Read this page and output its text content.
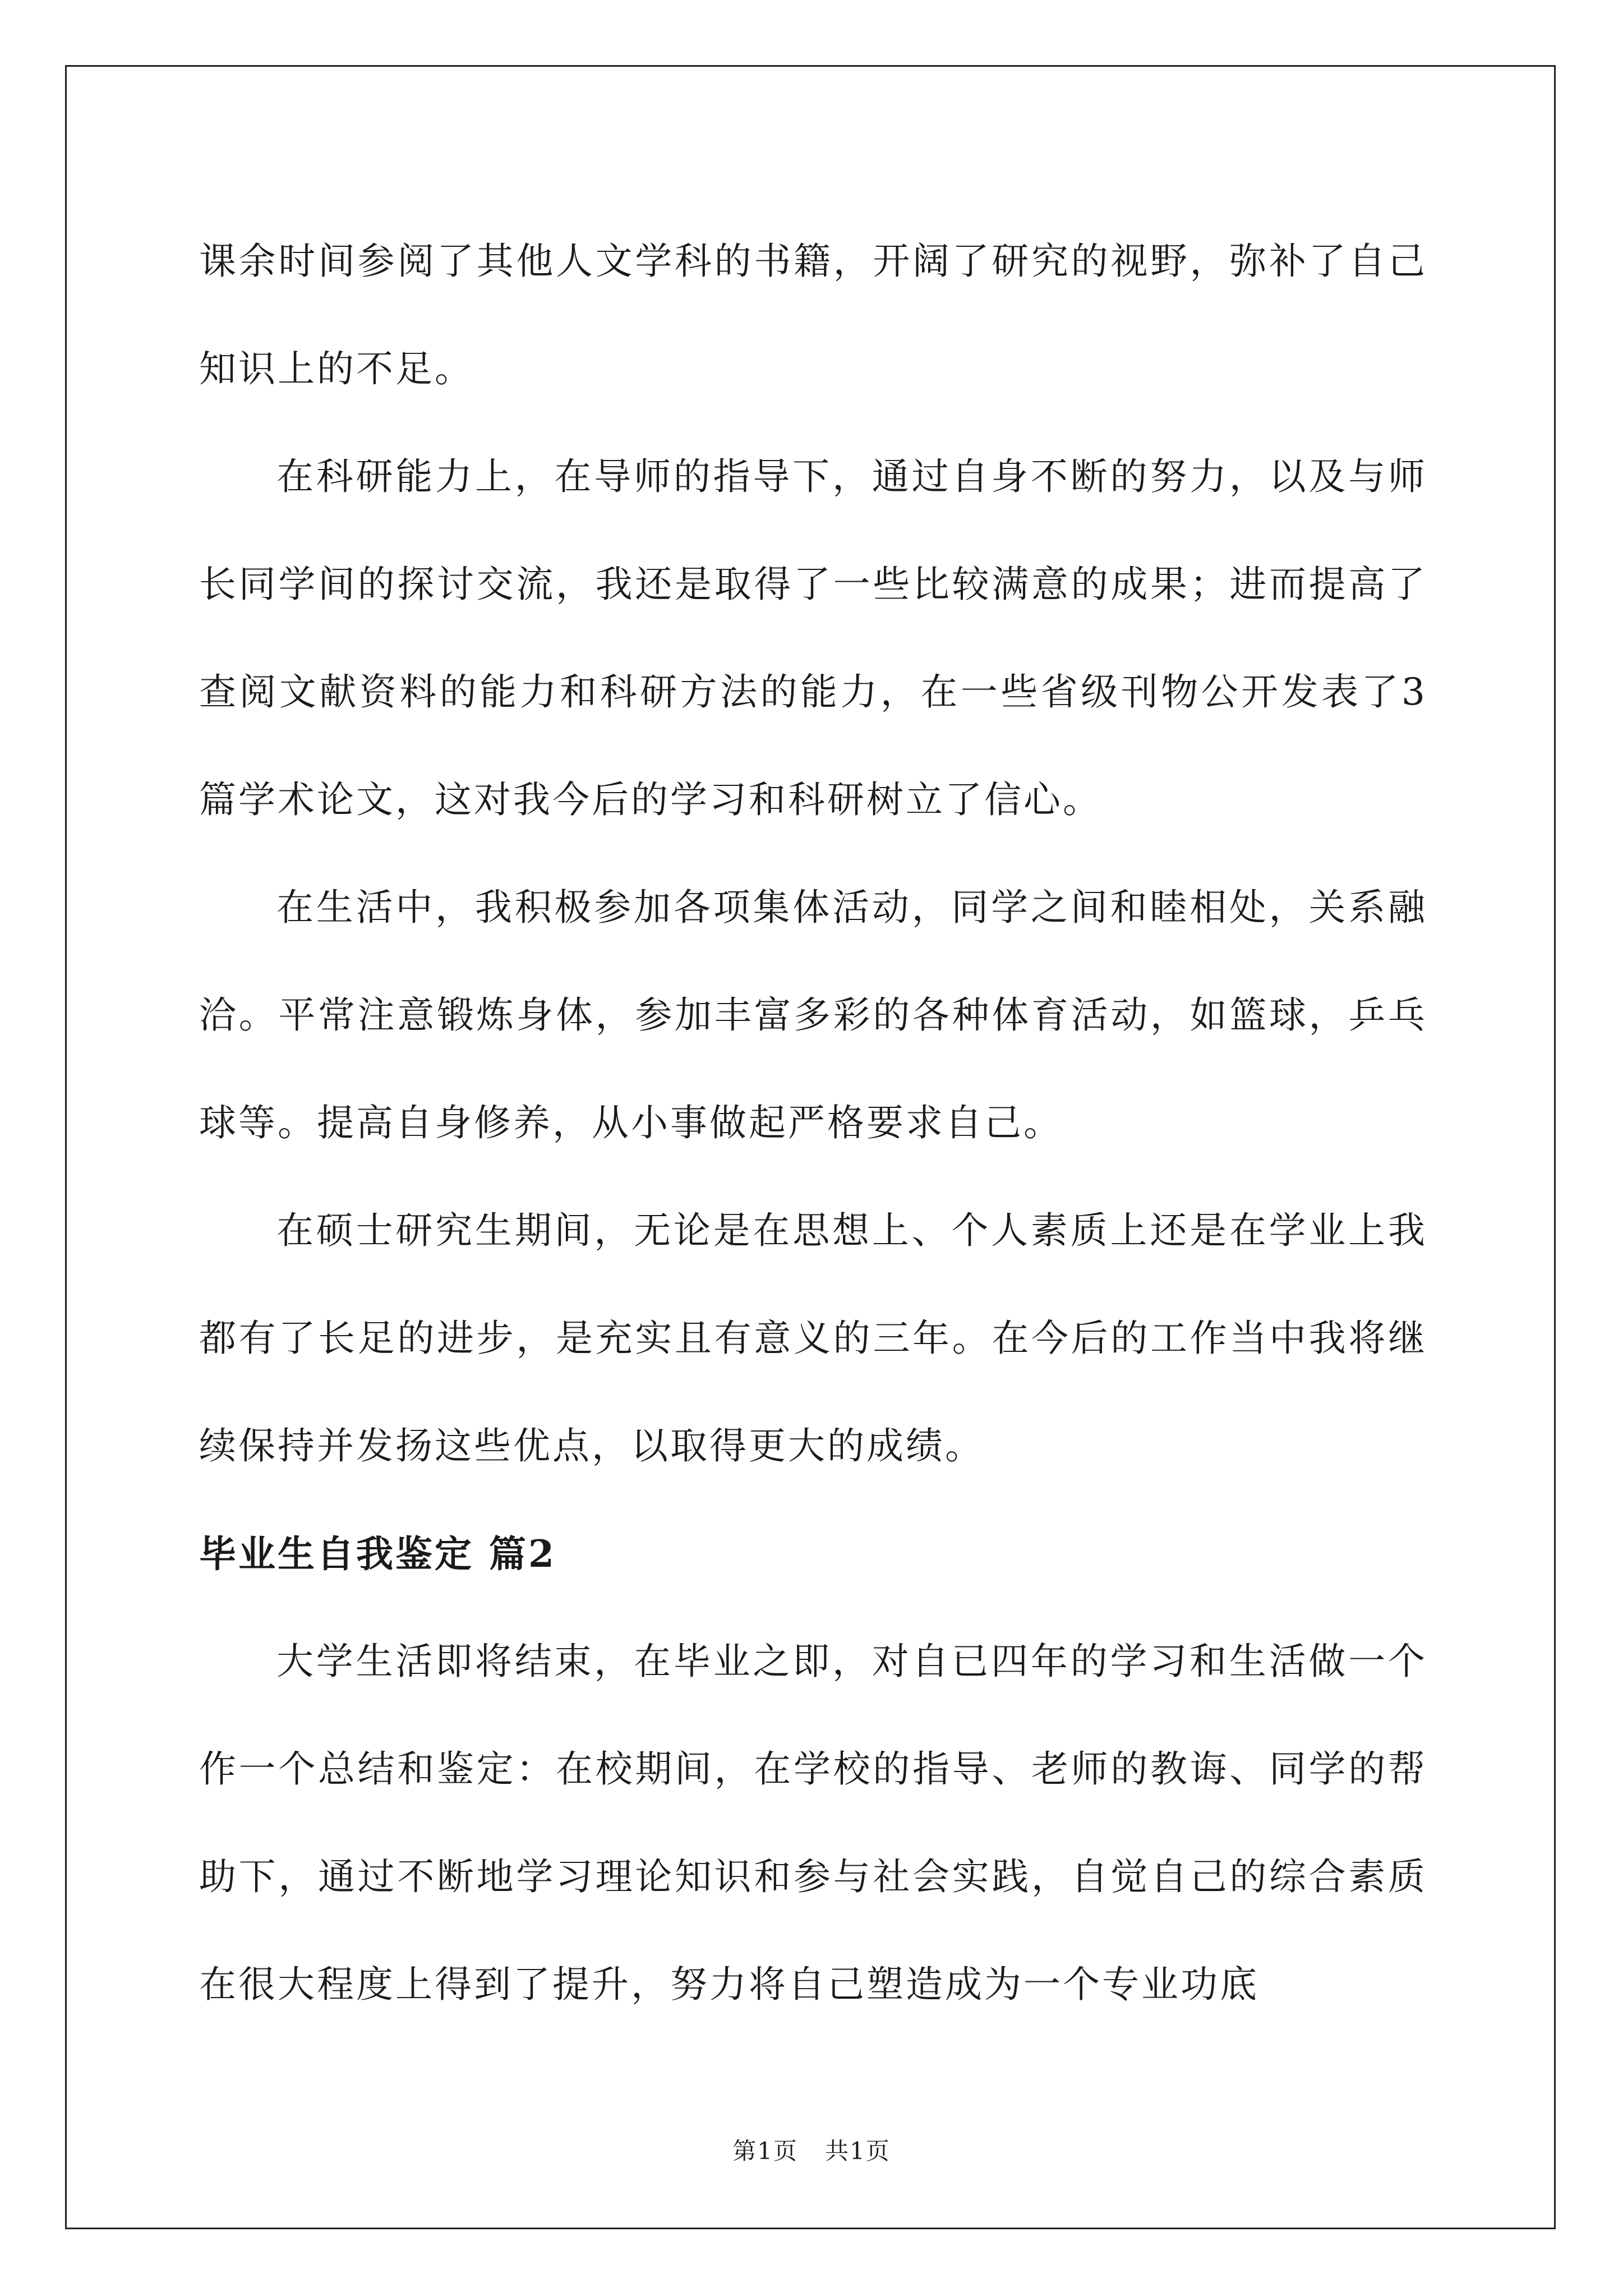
课余时间参阅了其他人文学科的书籍，开阔了研究的视野，弥补了自己知识上的不足。

在科研能力上，在导师的指导下，通过自身不断的努力，以及与师长同学间的探讨交流，我还是取得了一些比较满意的成果；进而提高了查阅文献资料的能力和科研方法的能力，在一些省级刊物公开发表了3篇学术论文，这对我今后的学习和科研树立了信心。

在生活中，我积极参加各项集体活动，同学之间和睦相处，关系融洽。平常注意锻炼身体，参加丰富多彩的各种体育活动，如篮球，乒乓球等。提高自身修养，从小事做起严格要求自己。

在硕士研究生期间，无论是在思想上、个人素质上还是在学业上我都有了长足的进步，是充实且有意义的三年。在今后的工作当中我将继续保持并发扬这些优点，以取得更大的成绩。

毕业生自我鉴定 篇2

大学生活即将结束，在毕业之即，对自已四年的学习和生活做一个作一个总结和鉴定：在校期间，在学校的指导、老师的教诲、同学的帮助下，通过不断地学习理论知识和参与社会实践，自觉自己的综合素质在很大程度上得到了提升，努力将自己塑造成为一个专业功底

第1页 共1页
